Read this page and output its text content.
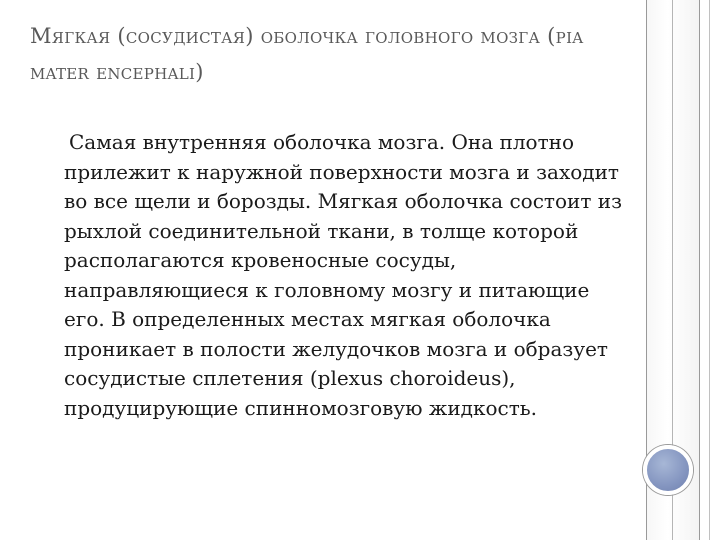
Мягкая (сосудистая) оболочка головного мозга (pia mater encephali)
Самая внутренняя оболочка мозга. Она плотно прилежит к наружной поверхности мозга и заходит во все щели и борозды. Мягкая оболочка состоит из рыхлой соединительной ткани, в толще которой располагаются кровеносные сосуды, направляющиеся к головному мозгу и питающие его. В определенных местах мягкая оболочка проникает в полости желудочков мозга и образует сосудистые сплетения (plexus choroideus), продуцирующие спинномозговую жидкость.
